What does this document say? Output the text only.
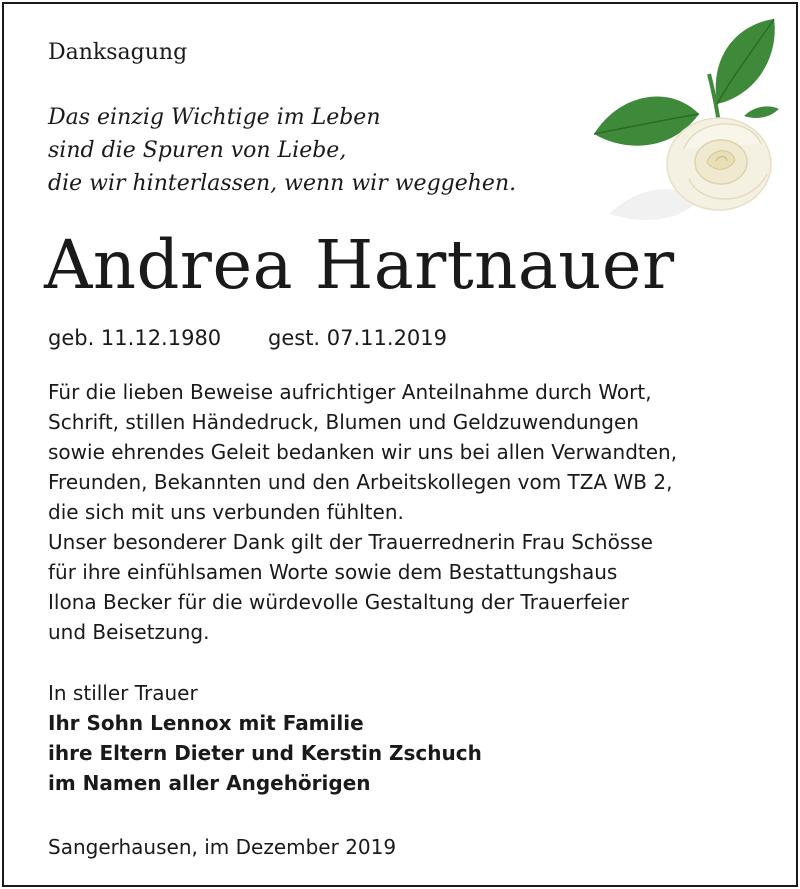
Danksagung
Das einzig Wichtige im Leben
sind die Spuren von Liebe,
die wir hinterlassen, wenn wir weggehen.
Andrea Hartnauer
geb. 11.12.1980 gest. 07.11.2019
Für die lieben Beweise aufrichtiger Anteilnahme durch Wort,
Schrift, stillen Händedruck, Blumen und Geldzuwendungen
sowie ehrendes Geleit bedanken wir uns bei allen Verwandten,
Freunden, Bekannten und den Arbeitskollegen vom TZA WB 2,
die sich mit uns verbunden fühlten.
Unser besonderer Dank gilt der Trauerrednerin Frau Schösse
für ihre einfühlsamen Worte sowie dem Bestattungshaus
Ilona Becker für die würdevolle Gestaltung der Trauerfeier
und Beisetzung.
In stiller Trauer
Ihr Sohn Lennox mit Familie
ihre Eltern Dieter und Kerstin Zschuch
im Namen aller Angehörigen
Sangerhausen, im Dezember 2019
